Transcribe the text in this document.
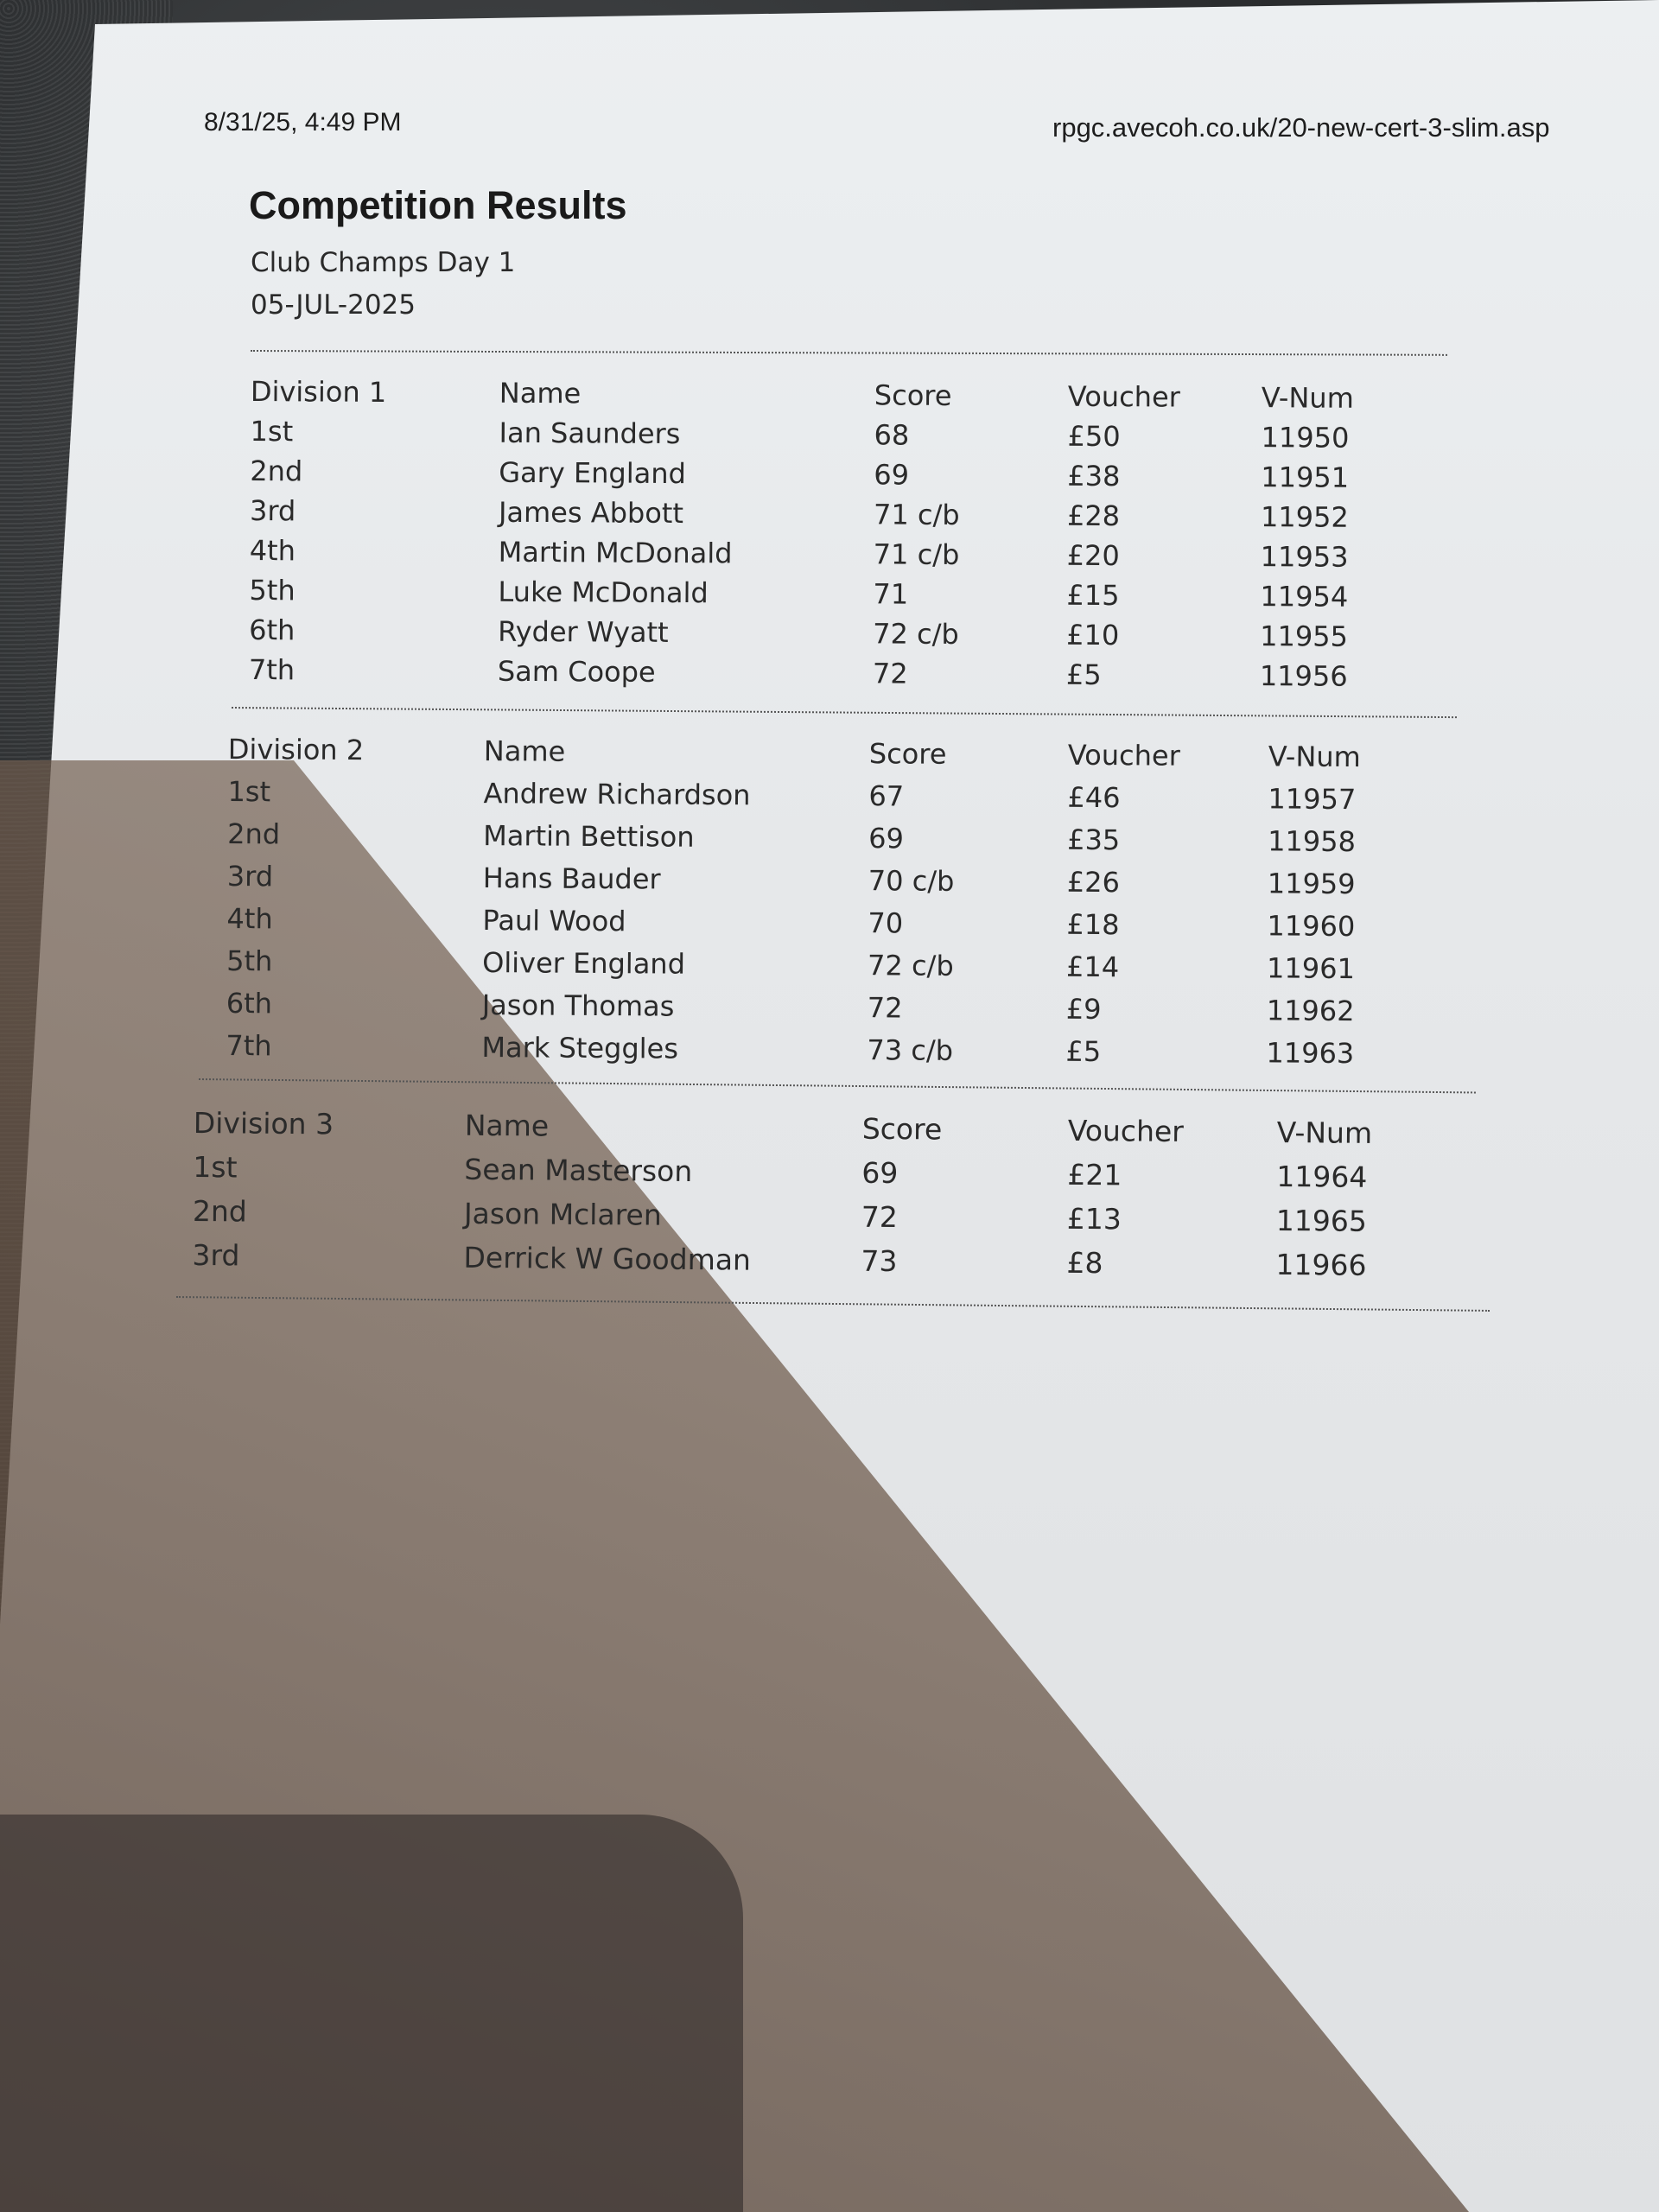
8/31/25, 4:49 PM	rpgc.avecoh.co.uk/20-new-cert-3-slim.asp
Competition Results
Club Champs Day 1
05-JUL-2025
Division 1	Name	Score	Voucher	V-Num
1st	Ian Saunders	68	£50	11950
2nd	Gary England	69	£38	11951
3rd	James Abbott	71 c/b	£28	11952
4th	Martin McDonald	71 c/b	£20	11953
5th	Luke McDonald	71	£15	11954
6th	Ryder Wyatt	72 c/b	£10	11955
7th	Sam Coope	72	£5	11956
Division 2	Name	Score	Voucher	V-Num
1st	Andrew Richardson	67	£46	11957
2nd	Martin Bettison	69	£35	11958
3rd	Hans Bauder	70 c/b	£26	11959
4th	Paul Wood	70	£18	11960
5th	Oliver England	72 c/b	£14	11961
6th	Jason Thomas	72	£9	11962
7th	Mark Steggles	73 c/b	£5	11963
Division 3	Name	Score	Voucher	V-Num
1st	Sean Masterson	69	£21	11964
2nd	Jason Mclaren	72	£13	11965
3rd	Derrick W Goodman	73	£8	11966
